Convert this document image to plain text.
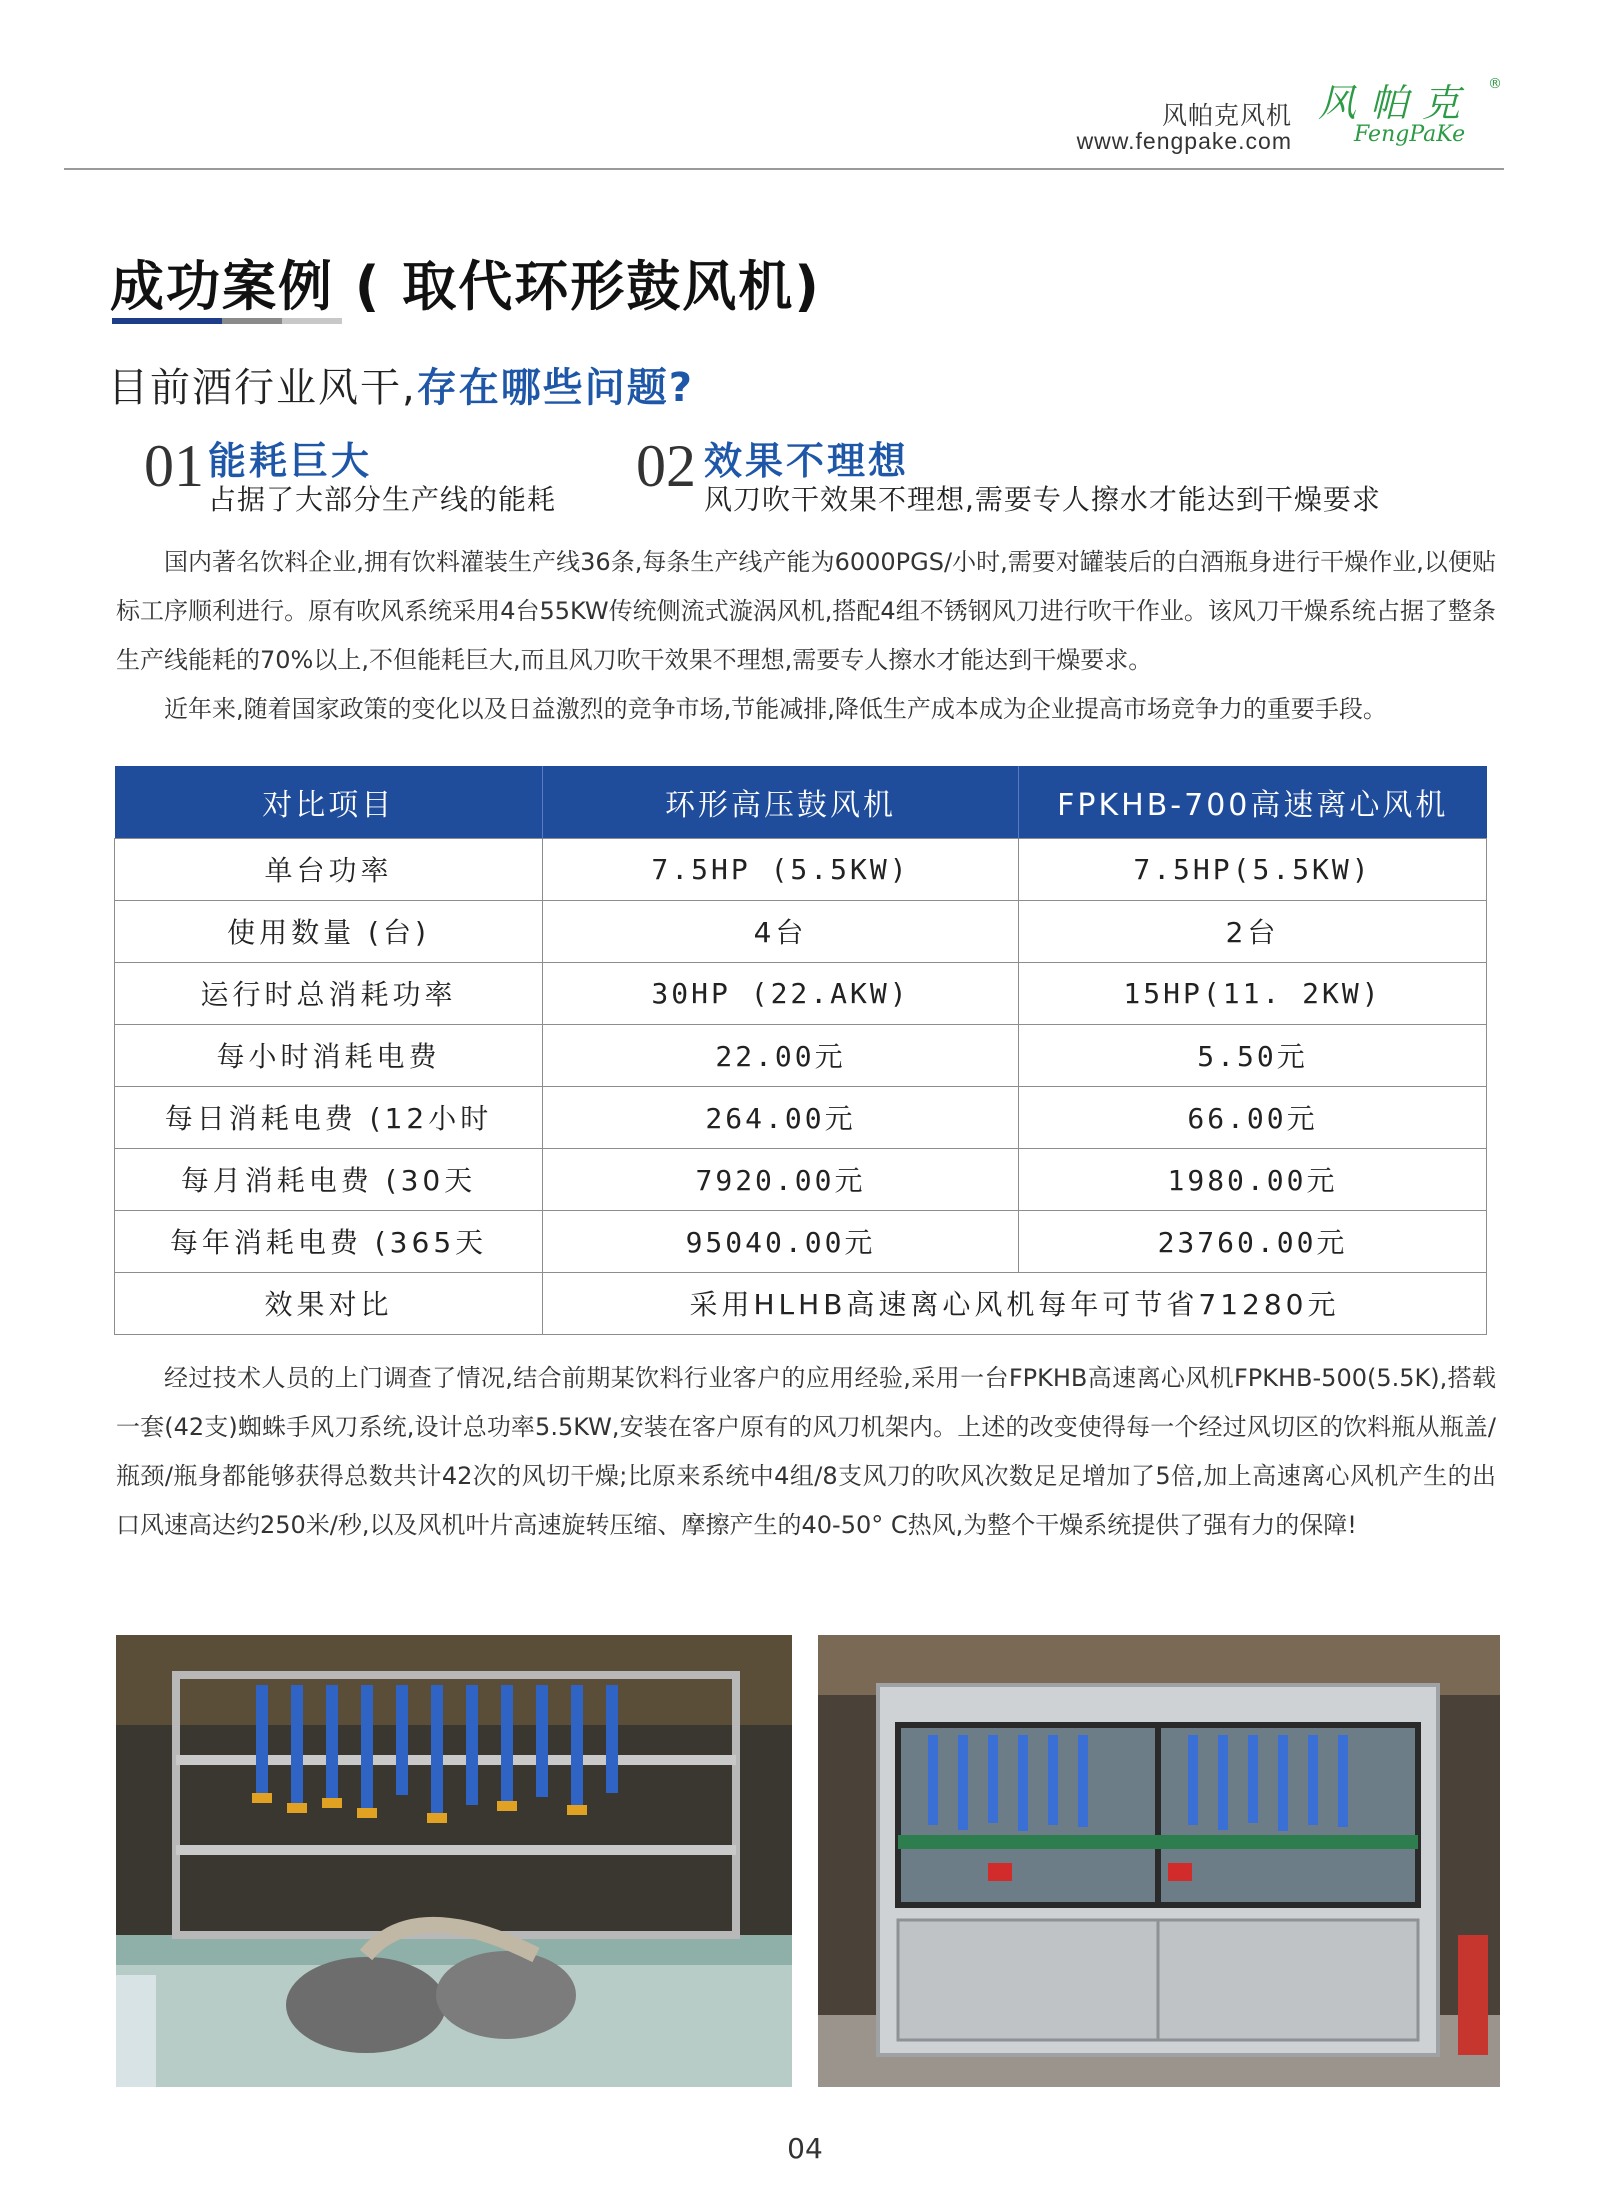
风帕克风机
www.fengpake.com
风帕克 ®
FengPaKe
成功案例 ( 取代环形鼓风机)
目前酒行业风干,存在哪些问题?
01 能耗巨大
占据了大部分生产线的能耗
02 效果不理想
风刀吹干效果不理想,需要专人擦水才能达到干燥要求

国内著名饮料企业,拥有饮料灌装生产线36条,每条生产线产能为6000PGS/小时,需要对罐装后的白酒瓶身进行干燥作业,以便贴标工序顺利进行。原有吹风系统采用4台55KW传统侧流式漩涡风机,搭配4组不锈钢风刀进行吹干作业。该风刀干燥系统占据了整条生产线能耗的70%以上,不但能耗巨大,而且风刀吹干效果不理想,需要专人擦水才能达到干燥要求。

近年来,随着国家政策的变化以及日益激烈的竞争市场,节能减排,降低生产成本成为企业提高市场竞争力的重要手段。

对比项目	环形高压鼓风机	FPKHB-700高速离心风机
单台功率	7.5HP (5.5KW)	7.5HP(5.5KW)
使用数量 (台)	4台	2台
运行时总消耗功率	30HP (22.AKW)	15HP(11. 2KW)
每小时消耗电费	22.00元	5.50元
每日消耗电费 (12小时	264.00元	66.00元
每月消耗电费 (30天	7920.00元	1980.00元
每年消耗电费 (365天	95040.00元	23760.00元
效果对比	采用HLHB高速离心风机每年可节省71280元	

经过技术人员的上门调查了情况,结合前期某饮料行业客户的应用经验,采用一台FPKHB高速离心风机FPKHB-500(5.5K),搭载一套(42支)蜘蛛手风刀系统,设计总功率5.5KW,安装在客户原有的风刀机架内。上述的改变使得每一个经过风切区的饮料瓶从瓶盖/瓶颈/瓶身都能够获得总数共计42次的风切干燥;比原来系统中4组/8支风刀的吹风次数足足增加了5倍,加上高速离心风机产生的出口风速高达约250米/秒,以及风机叶片高速旋转压缩、摩擦产生的40-50° C热风,为整个干燥系统提供了强有力的保障!

04
